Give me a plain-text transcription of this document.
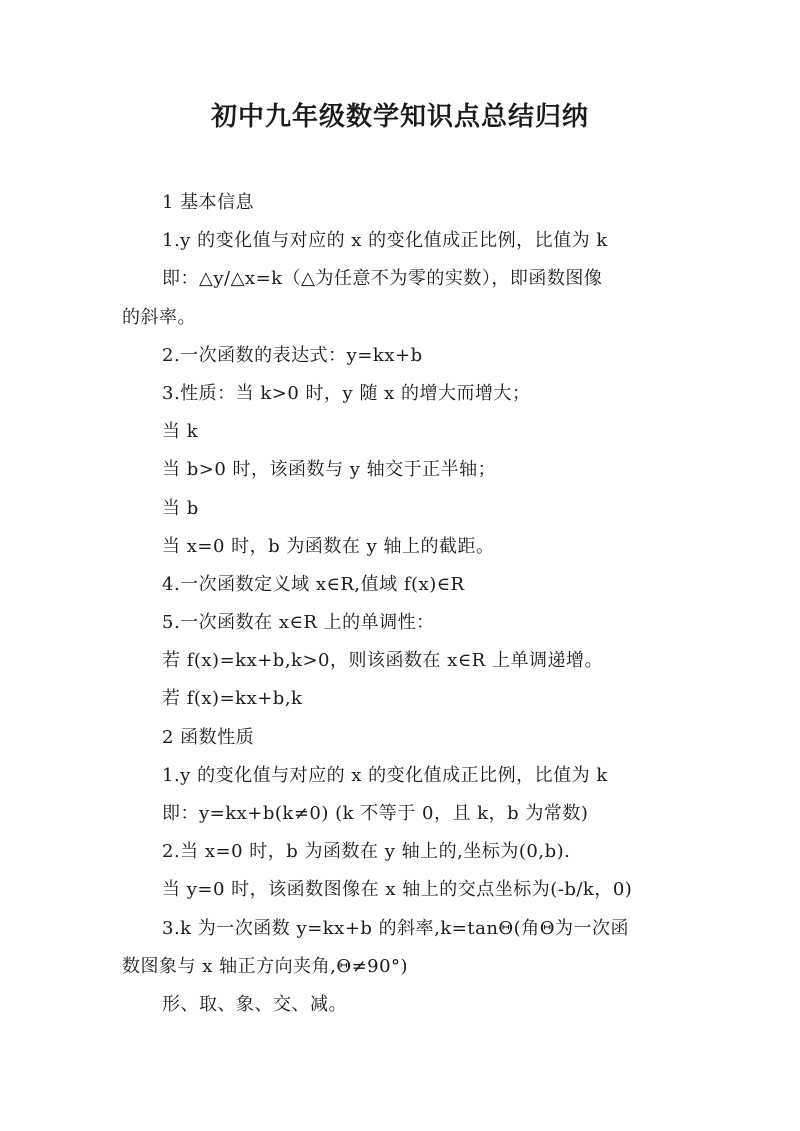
初中九年级数学知识点总结归纳
1 基本信息
1.y 的变化值与对应的 x 的变化值成正比例，比值为 k
即：△y/△x=k（△为任意不为零的实数），即函数图像
的斜率。
2.一次函数的表达式：y=kx+b
3.性质：当 k>0 时，y 随 x 的增大而增大；
当 k
当 b>0 时，该函数与 y 轴交于正半轴；
当 b
当 x=0 时，b 为函数在 y 轴上的截距。
4.一次函数定义域 x∈R,值域 f(x)∈R
5.一次函数在 x∈R 上的单调性：
若 f(x)=kx+b,k>0，则该函数在 x∈R 上单调递增。
若 f(x)=kx+b,k
2 函数性质
1.y 的变化值与对应的 x 的变化值成正比例，比值为 k
即：y=kx+b(k≠0) (k 不等于 0，且 k，b 为常数)
2.当 x=0 时，b 为函数在 y 轴上的,坐标为(0,b).
当 y=0 时，该函数图像在 x 轴上的交点坐标为(-b/k，0)
3.k 为一次函数 y=kx+b 的斜率,k=tanΘ(角Θ为一次函
数图象与 x 轴正方向夹角,Θ≠90°)
形、取、象、交、减。
